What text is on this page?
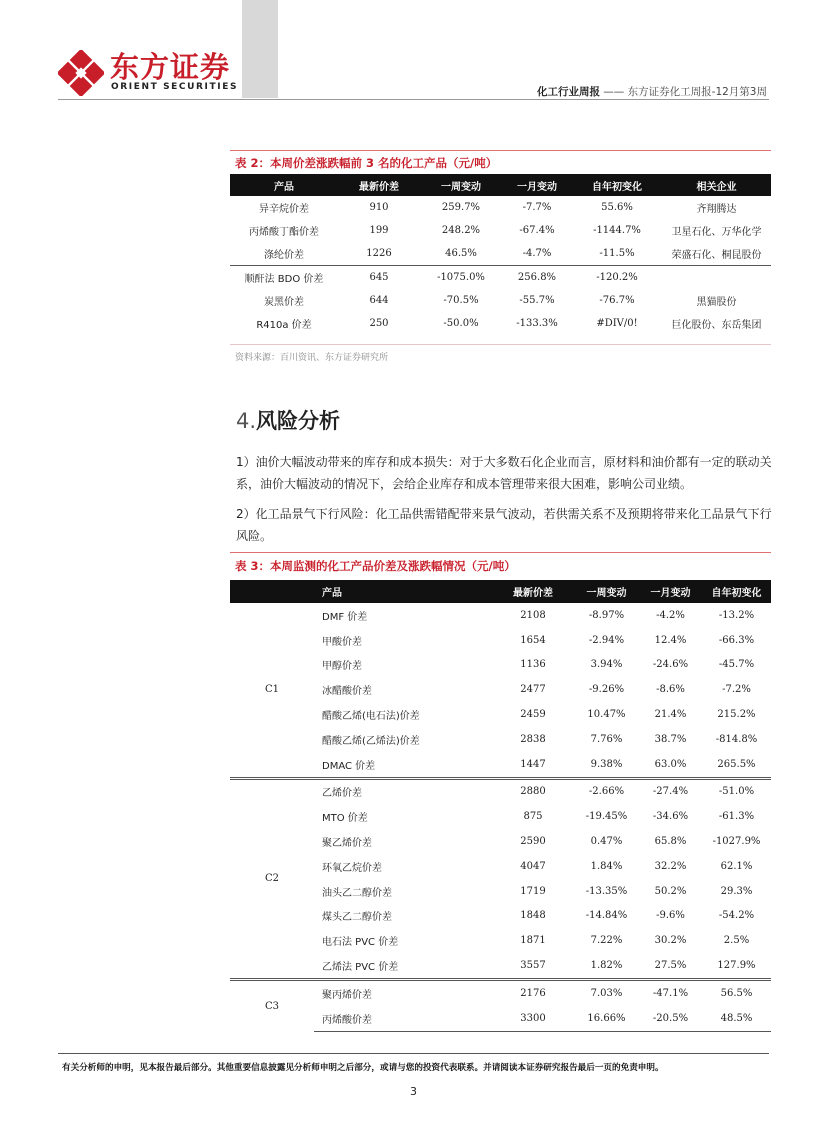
东方证券
ORIENT SECURITIES	化工行业周报 —— 东方证券化工周报-12月第3周
表 2：本周价差涨跌幅前 3 名的化工产品（元/吨）
产品	最新价差	一周变动	一月变动	自年初变化	相关企业
异辛烷价差	910	259.7%	-7.7%	55.6%	齐翔腾达
丙烯酸丁酯价差	199	248.2%	-67.4%	-1144.7%	卫星石化、万华化学
涤纶价差	1226	46.5%	-4.7%	-11.5%	荣盛石化、桐昆股份
顺酐法 BDO 价差	645	-1075.0%	256.8%	-120.2%	
炭黑价差	644	-70.5%	-55.7%	-76.7%	黑猫股份
R410a 价差	250	-50.0%	-133.3%	#DIV/0!	巨化股份、东岳集团
资料来源：百川资讯、东方证券研究所
4.风险分析
1）油价大幅波动带来的库存和成本损失：对于大多数石化企业而言，原材料和油价都有一定的联动关系，油价大幅波动的情况下，会给企业库存和成本管理带来很大困难，影响公司业绩。
2）化工品景气下行风险：化工品供需错配带来景气波动，若供需关系不及预期将带来化工品景气下行风险。
表 3：本周监测的化工产品价差及涨跌幅情况（元/吨）
	产品	最新价差	一周变动	一月变动	自年初变化
C1	DMF 价差	2108	-8.97%	-4.2%	-13.2%
	甲酸价差	1654	-2.94%	12.4%	-66.3%
	甲醇价差	1136	3.94%	-24.6%	-45.7%
	冰醋酸价差	2477	-9.26%	-8.6%	-7.2%
	醋酸乙烯(电石法)价差	2459	10.47%	21.4%	215.2%
	醋酸乙烯(乙烯法)价差	2838	7.76%	38.7%	-814.8%
	DMAC 价差	1447	9.38%	63.0%	265.5%
C2	乙烯价差	2880	-2.66%	-27.4%	-51.0%
	MTO 价差	875	-19.45%	-34.6%	-61.3%
	聚乙烯价差	2590	0.47%	65.8%	-1027.9%
	环氧乙烷价差	4047	1.84%	32.2%	62.1%
	油头乙二醇价差	1719	-13.35%	50.2%	29.3%
	煤头乙二醇价差	1848	-14.84%	-9.6%	-54.2%
	电石法 PVC 价差	1871	7.22%	30.2%	2.5%
	乙烯法 PVC 价差	3557	1.82%	27.5%	127.9%
C3	聚丙烯价差	2176	7.03%	-47.1%	56.5%
	丙烯酸价差	3300	16.66%	-20.5%	48.5%
有关分析师的申明，见本报告最后部分。其他重要信息披露见分析师申明之后部分，或请与您的投资代表联系。并请阅读本证券研究报告最后一页的免责申明。
3
